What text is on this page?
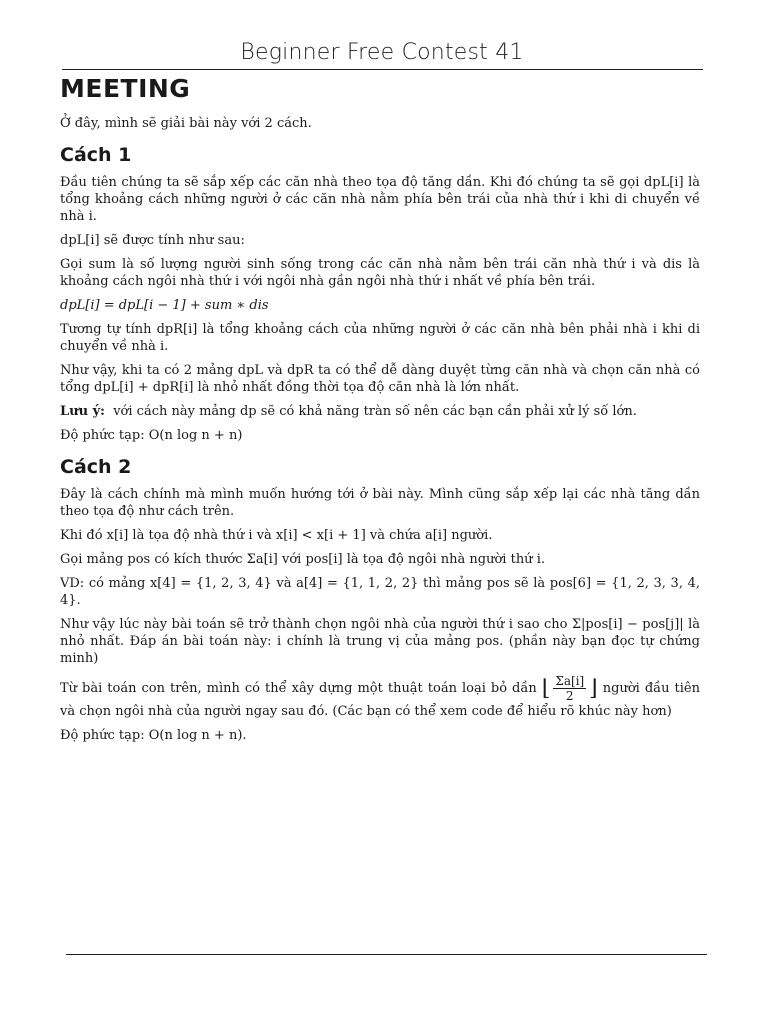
Beginner Free Contest 41
MEETING

Ở đây, mình sẽ giải bài này với 2 cách.

Cách 1

Đầu tiên chúng ta sẽ sắp xếp các căn nhà theo tọa độ tăng dần. Khi đó chúng ta sẽ gọi dpL[i] là tổng khoảng cách những người ở các căn nhà nằm phía bên trái của nhà thứ i khi di chuyển về nhà i.

dpL[i] sẽ được tính như sau:

Gọi sum là số lượng người sinh sống trong các căn nhà nằm bên trái căn nhà thứ i và dis là khoảng cách ngôi nhà thứ i với ngôi nhà gần ngôi nhà thứ i nhất về phía bên trái.

dpL[i] = dpL[i − 1] + sum ∗ dis

Tương tự tính dpR[i] là tổng khoảng cách của những người ở các căn nhà bên phải nhà i khi di chuyển về nhà i.

Như vậy, khi ta có 2 mảng dpL và dpR ta có thể dễ dàng duyệt từng căn nhà và chọn căn nhà có tổng dpL[i] + dpR[i] là nhỏ nhất đồng thời tọa độ căn nhà là lớn nhất.

Lưu ý: với cách này mảng dp sẽ có khả năng tràn số nên các bạn cần phải xử lý số lớn.

Độ phức tạp: O(n log n + n)

Cách 2

Đây là cách chính mà mình muốn hướng tới ở bài này. Mình cũng sắp xếp lại các nhà tăng dần theo tọa độ như cách trên.

Khi đó x[i] là tọa độ nhà thứ i và x[i] < x[i + 1] và chứa a[i] người.

Gọi mảng pos có kích thước Σa[i] với pos[i] là tọa độ ngôi nhà người thứ i.

VD: có mảng x[4] = {1, 2, 3, 4} và a[4] = {1, 1, 2, 2} thì mảng pos sẽ là pos[6] = {1, 2, 3, 3, 4, 4}.

Như vậy lúc này bài toán sẽ trở thành chọn ngôi nhà của người thứ i sao cho Σ|pos[i] − pos[j]| là nhỏ nhất. Đáp án bài toán này: i chính là trung vị của mảng pos. (phần này bạn đọc tự chứng minh)

Từ bài toán con trên, mình có thể xây dựng một thuật toán loại bỏ dần ⌊ $\frac{\Sigma a[i]}{2}$ ⌋ người đầu tiên và chọn ngôi nhà của người ngay sau đó. (Các bạn có thể xem code để hiểu rõ khúc này hơn)

Độ phức tạp: O(n log n + n).
